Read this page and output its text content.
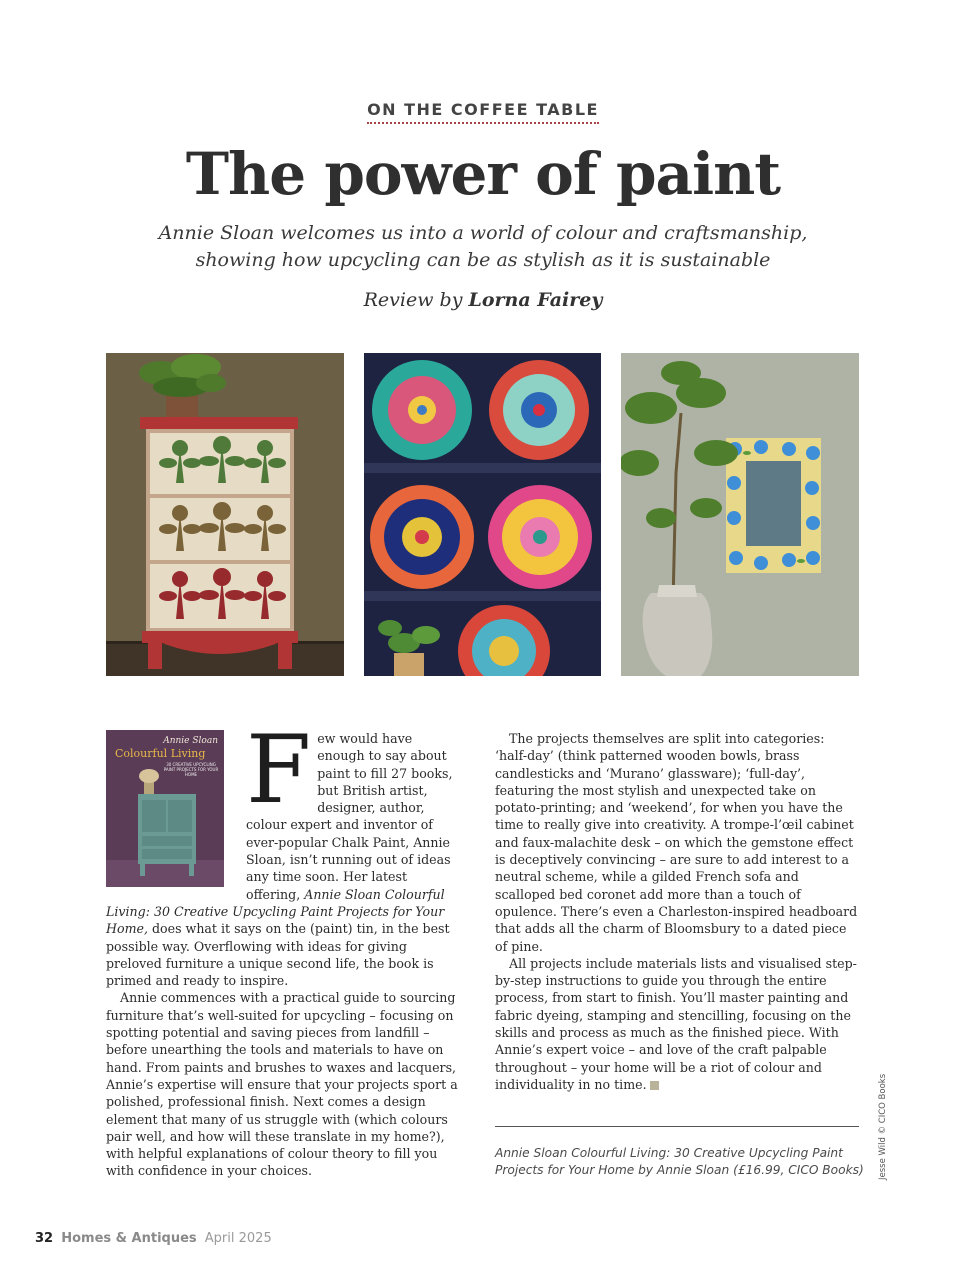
ON THE COFFEE TABLE
The power of paint

Annie Sloan welcomes us into a world of colour and craftsmanship, showing how upcycling can be as stylish as it is sustainable

Review by Lorna Fairey

Annie Sloan
Colourful Living
30 CREATIVE UPCYCLING PAINT PROJECTS FOR YOUR HOME Few would have enough to say about paint to fill 27 books, but British artist, designer, author, colour expert and inventor of ever-popular Chalk Paint, Annie Sloan, isn’t running out of ideas any time soon. Her latest offering, Annie Sloan Colourful Living: 30 Creative Upcycling Paint Projects for Your Home, does what it says on the (paint) tin, in the best possible way. Overflowing with ideas for giving preloved furniture a unique second life, the book is primed and ready to inspire.

Annie commences with a practical guide to sourcing furniture that’s well-suited for upcycling – focusing on spotting potential and saving pieces from landfill – before unearthing the tools and materials to have on hand. From paints and brushes to waxes and lacquers, Annie’s expertise will ensure that your projects sport a polished, professional finish. Next comes a design element that many of us struggle with (which colours pair well, and how will these translate in my home?), with helpful explanations of colour theory to fill you with confidence in your choices.

The projects themselves are split into categories: ‘half-day’ (think patterned wooden bowls, brass candlesticks and ‘Murano’ glassware); ‘full-day’, featuring the most stylish and unexpected take on potato-printing; and ‘weekend’, for when you have the time to really give into creativity. A trompe-l’œil cabinet and faux-malachite desk – on which the gemstone effect is deceptively convincing – are sure to add interest to a neutral scheme, while a gilded French sofa and scalloped bed coronet add more than a touch of opulence. There’s even a Charleston-inspired headboard that adds all the charm of Bloomsbury to a dated piece of pine.

All projects include materials lists and visualised step-by-step instructions to guide you through the entire process, from start to finish. You’ll master painting and fabric dyeing, stamping and stencilling, focusing on the skills and process as much as the finished piece. With Annie’s expert voice – and love of the craft palpable throughout – your home will be a riot of colour and individuality in no time.

Annie Sloan Colourful Living: 30 Creative Upcycling Paint Projects for Your Home by Annie Sloan (£16.99, CICO Books) Jesse Wild © CICO Books
32 Homes & Antiques April 2025
